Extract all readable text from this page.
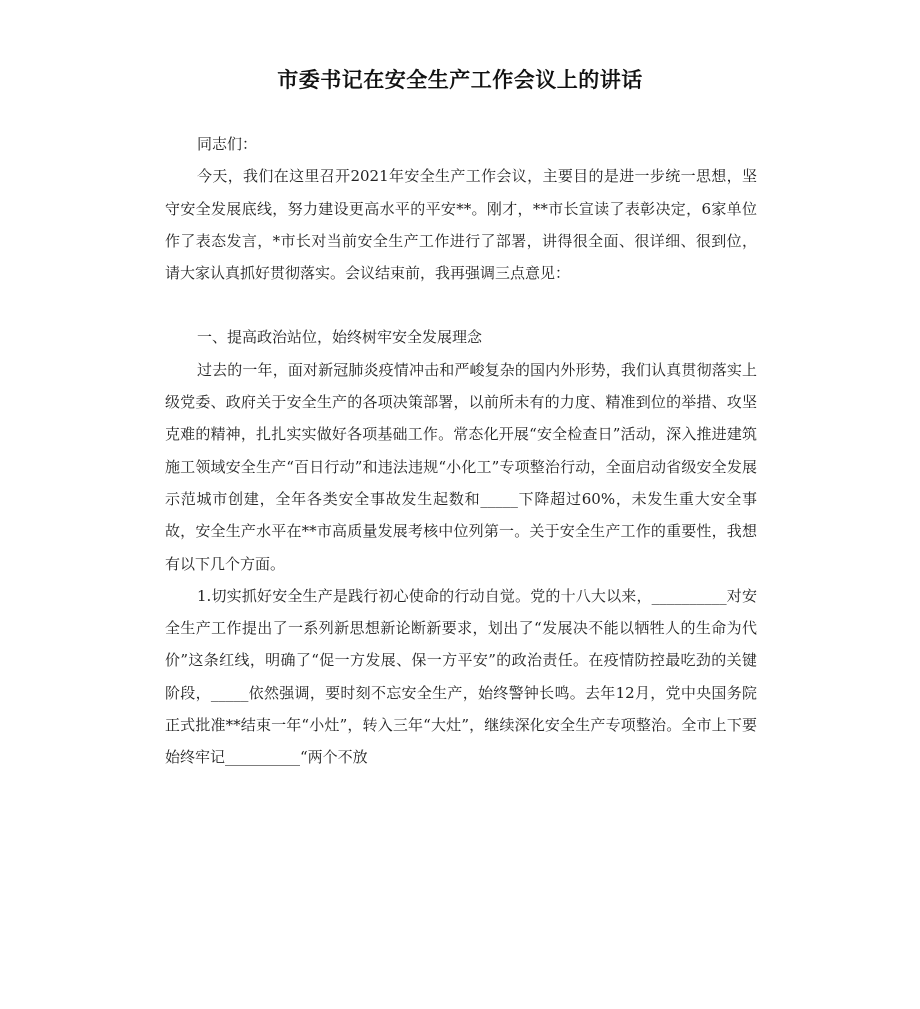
市委书记在安全生产工作会议上的讲话

同志们：

今天，我们在这里召开2021年安全生产工作会议，主要目的是进一步统一思想，坚守安全发展底线，努力建设更高水平的平安**。刚才，**市长宣读了表彰决定，6家单位作了表态发言，*市长对当前安全生产工作进行了部署，讲得很全面、很详细、很到位，请大家认真抓好贯彻落实。会议结束前，我再强调三点意见：

一、提高政治站位，始终树牢安全发展理念

过去的一年，面对新冠肺炎疫情冲击和严峻复杂的国内外形势，我们认真贯彻落实上级党委、政府关于安全生产的各项决策部署，以前所未有的力度、精准到位的举措、攻坚克难的精神，扎扎实实做好各项基础工作。常态化开展“安全检查日”活动，深入推进建筑施工领域安全生产“百日行动”和违法违规“小化工”专项整治行动，全面启动省级安全发展示范城市创建，全年各类安全事故发生起数和_____下降超过60%，未发生重大安全事故，安全生产水平在**市高质量发展考核中位列第一。关于安全生产工作的重要性，我想有以下几个方面。

1.切实抓好安全生产是践行初心使命的行动自觉。党的十八大以来，__________对安全生产工作提出了一系列新思想新论断新要求，划出了“发展决不能以牺牲人的生命为代价”这条红线，明确了“促一方发展、保一方平安”的政治责任。在疫情防控最吃劲的关键阶段，_____依然强调，要时刻不忘安全生产，始终警钟长鸣。去年12月，党中央国务院正式批准**结束一年“小灶”，转入三年“大灶”，继续深化安全生产专项整治。全市上下要始终牢记__________“两个不放
